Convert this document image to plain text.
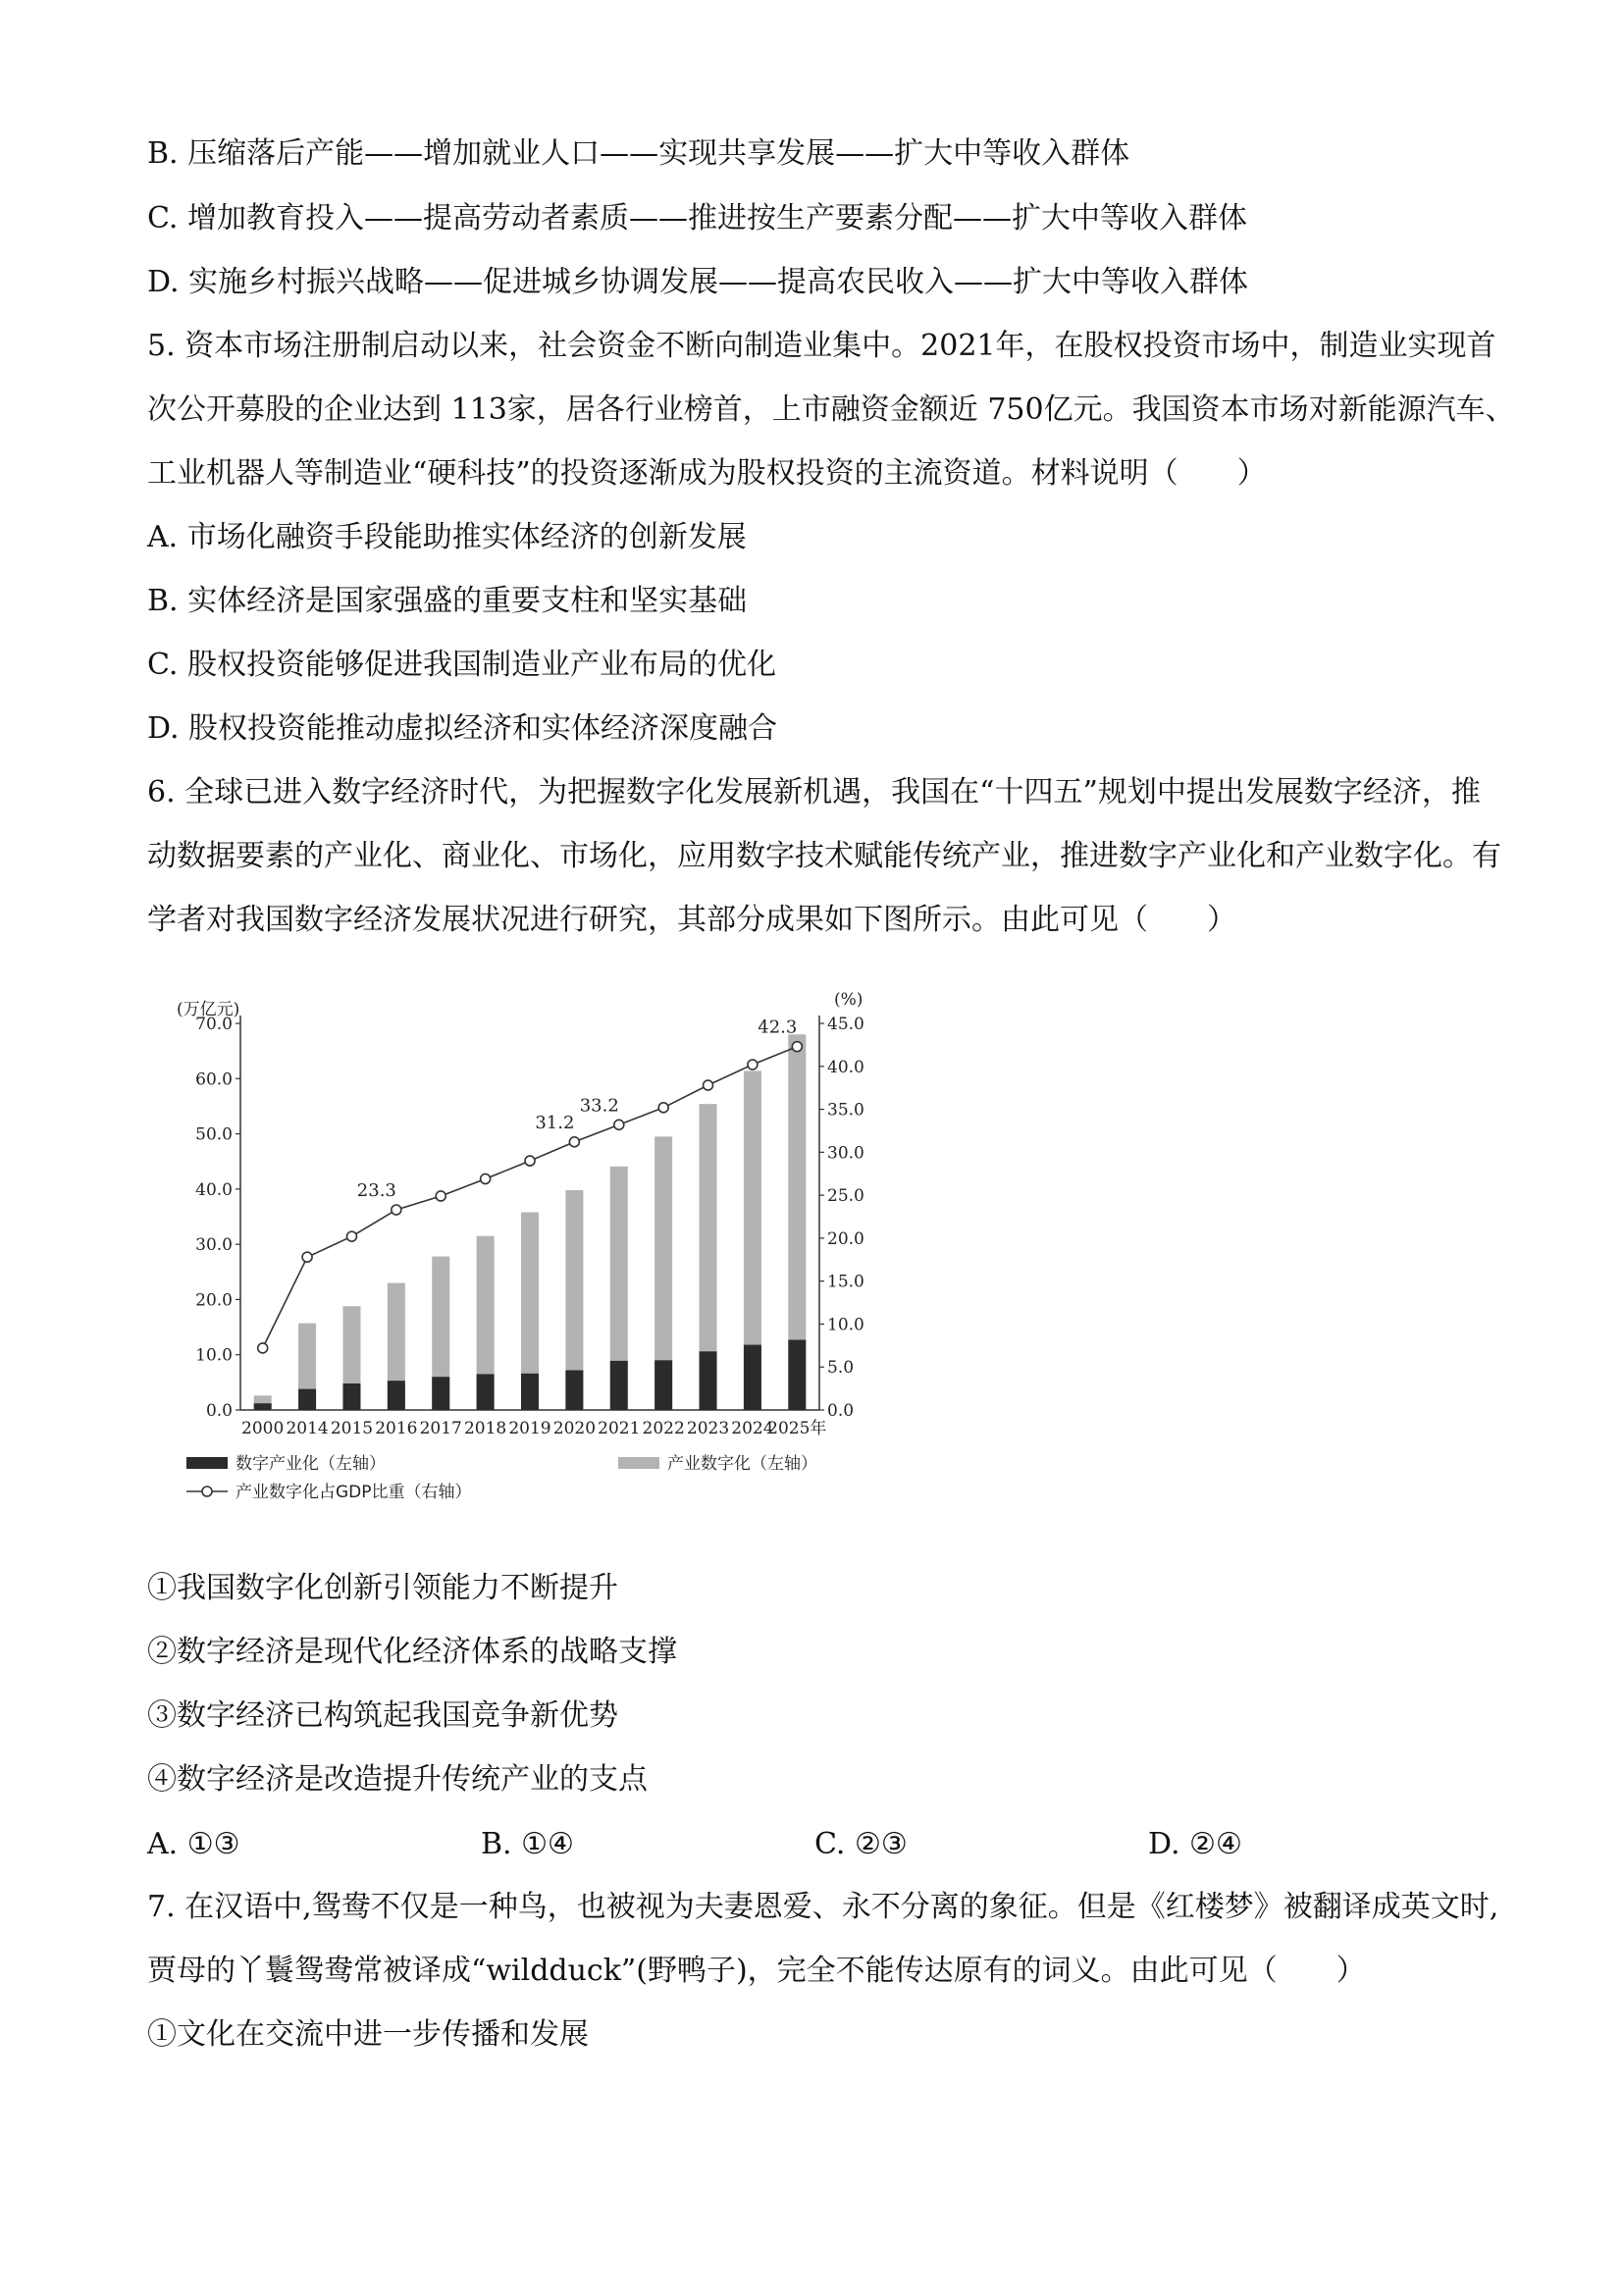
B. 压缩落后产能——增加就业人口——实现共享发展——扩大中等收入群体
C. 增加教育投入——提高劳动者素质——推进按生产要素分配——扩大中等收入群体
D. 实施乡村振兴战略——促进城乡协调发展——提高农民收入——扩大中等收入群体
5. 资本市场注册制启动以来，社会资金不断向制造业集中。2021年，在股权投资市场中，制造业实现首
次公开募股的企业达到 113家，居各行业榜首，上市融资金额近 750亿元。我国资本市场对新能源汽车、
工业机器人等制造业“硬科技”的投资逐渐成为股权投资的主流资道。材料说明（　　）
A. 市场化融资手段能助推实体经济的创新发展
B. 实体经济是国家强盛的重要支柱和坚实基础
C. 股权投资能够促进我国制造业产业布局的优化
D. 股权投资能推动虚拟经济和实体经济深度融合
6. 全球已进入数字经济时代，为把握数字化发展新机遇，我国在“十四五”规划中提出发展数字经济，推
动数据要素的产业化、商业化、市场化，应用数字技术赋能传统产业，推进数字产业化和产业数字化。有
学者对我国数字经济发展状况进行研究，其部分成果如下图所示。由此可见（　　）
(万亿元)	(%)
0.0
10.0
20.0
30.0
40.0
50.0
60.0
70.0
0.0
5.0
10.0
15.0
20.0
25.0
30.0
35.0
40.0
45.0
2000 2014 2015 2016 2017 2018 2019 2020 2021 2022 2023 2024
2025年
23.3
31.2
33.2
42.3
数字产业化（左轴）	产业数字化（左轴）
产业数字化占GDP比重（右轴）
①我国数字化创新引领能力不断提升
②数字经济是现代化经济体系的战略支撑
③数字经济已构筑起我国竞争新优势
④数字经济是改造提升传统产业的支点
A. ①③	B. ①④	C. ②③	D. ②④
7. 在汉语中,鸳鸯不仅是一种鸟，也被视为夫妻恩爱、永不分离的象征。但是《红楼梦》被翻译成英文时,
贾母的丫鬟鸳鸯常被译成“wildduck”(野鸭子)，完全不能传达原有的词义。由此可见（　　）
①文化在交流中进一步传播和发展
